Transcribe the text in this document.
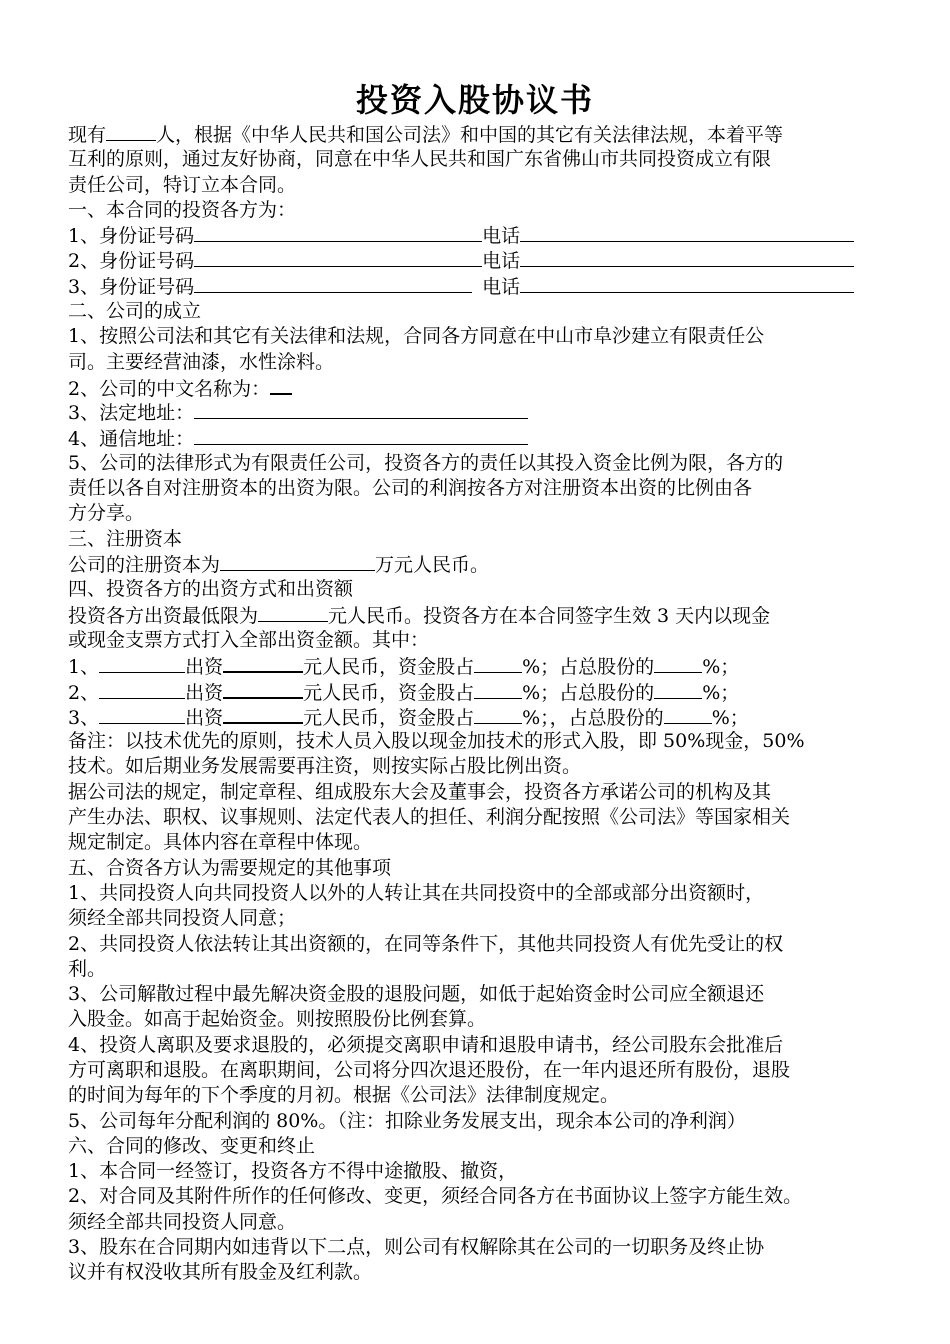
投资入股协议书
现有	人，根据《中华人民共和国公司法》和中国的其它有关法律法规，本着平等
互利的原则，通过友好协商，同意在中华人民共和国广东省佛山市共同投资成立有限
责任公司，特订立本合同。
一、本合同的投资各方为：
1、身份证号码	电话
2、身份证号码	电话
3、身份证号码	电话
二、公司的成立
1、按照公司法和其它有关法律和法规，合同各方同意在中山市阜沙建立有限责任公
司。主要经营油漆，水性涂料。
2、公司的中文名称为：
3、法定地址：
4、通信地址：
5、公司的法律形式为有限责任公司，投资各方的责任以其投入资金比例为限，各方的
责任以各自对注册资本的出资为限。公司的利润按各方对注册资本出资的比例由各
方分享。
三、注册资本
公司的注册资本为	万元人民币。
四、投资各方的出资方式和出资额
投资各方出资最低限为	元人民币。投资各方在本合同签字生效 3 天内以现金
或现金支票方式打入全部出资金额。其中：
1、	出资	元人民币，资金股占	%；占总股份的	%；
2、	出资	元人民币，资金股占	%；占总股份的	%；
3、	出资	元人民币，资金股占	%；，占总股份的	%；
备注：以技术优先的原则，技术人员入股以现金加技术的形式入股，即 50%现金，50%
技术。如后期业务发展需要再注资，则按实际占股比例出资。
据公司法的规定，制定章程、组成股东大会及董事会，投资各方承诺公司的机构及其
产生办法、职权、议事规则、法定代表人的担任、利润分配按照《公司法》等国家相关
规定制定。具体内容在章程中体现。
五、合资各方认为需要规定的其他事项
1、共同投资人向共同投资人以外的人转让其在共同投资中的全部或部分出资额时，
须经全部共同投资人同意；
2、共同投资人依法转让其出资额的，在同等条件下，其他共同投资人有优先受让的权
利。
3、公司解散过程中最先解决资金股的退股问题，如低于起始资金时公司应全额退还
入股金。如高于起始资金。则按照股份比例套算。
4、投资人离职及要求退股的，必须提交离职申请和退股申请书，经公司股东会批准后
方可离职和退股。在离职期间，公司将分四次退还股份，在一年内退还所有股份，退股
的时间为每年的下个季度的月初。根据《公司法》法律制度规定。
5、公司每年分配利润的 80%。（注：扣除业务发展支出，现余本公司的净利润）
六、合同的修改、变更和终止
1、本合同一经签订，投资各方不得中途撤股、撤资，
2、对合同及其附件所作的任何修改、变更，须经合同各方在书面协议上签字方能生效。
须经全部共同投资人同意。
3、股东在合同期内如违背以下二点，则公司有权解除其在公司的一切职务及终止协
议并有权没收其所有股金及红利款。
